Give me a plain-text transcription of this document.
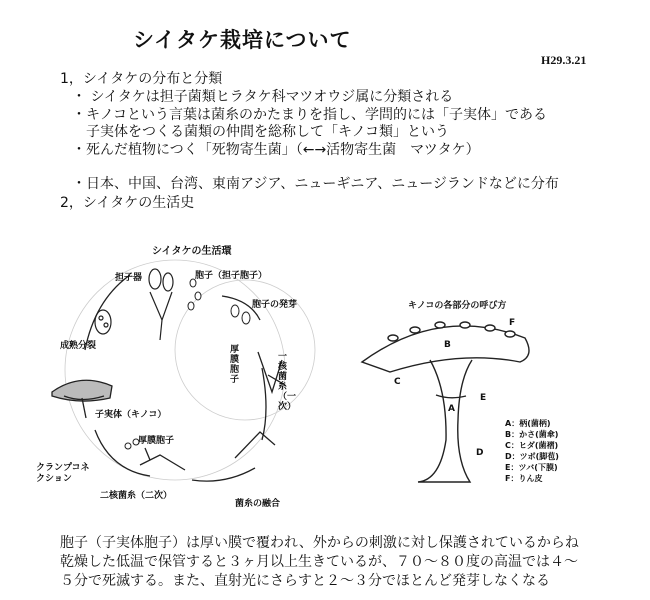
シイタケ栽培について
H29.3.21
1，シイタケの分布と分類
・ シイタケは担子菌類ヒラタケ科マツオウジ属に分類される
・キノコという言葉は菌糸のかたまりを指し、学問的には「子実体」である
子実体をつくる菌類の仲間を総称して「キノコ類」という
・死んだ植物につく「死物寄生菌」（←→活物寄生菌　マツタケ）
・日本、中国、台湾、東南アジア、ニューギニア、ニュージランドなどに分布
2，シイタケの生活史
シイタケの生活環
担子器	胞子（担子胞子）
胞子の発芽
成熟分裂
一核菌糸（一次）
厚膜胞子
子実体（キノコ）
厚膜胞子
クランプコネクション
二核菌糸（二次）
菌糸の融合
キノコの各部分の呼び方
A
B
C
D
E
F
A：柄(菌柄)
B：かさ(菌傘)
C：ヒダ(菌褶)
D：ツボ(脚苞)
E：ツバ(下膜)
F：りん皮
胞子（子実体胞子）は厚い膜で覆われ、外からの刺激に対し保護されているからね
乾燥した低温で保管すると３ヶ月以上生きているが、７０～８０度の高温では４～
５分で死滅する。また、直射光にさらすと２～３分でほとんど発芽しなくなる
